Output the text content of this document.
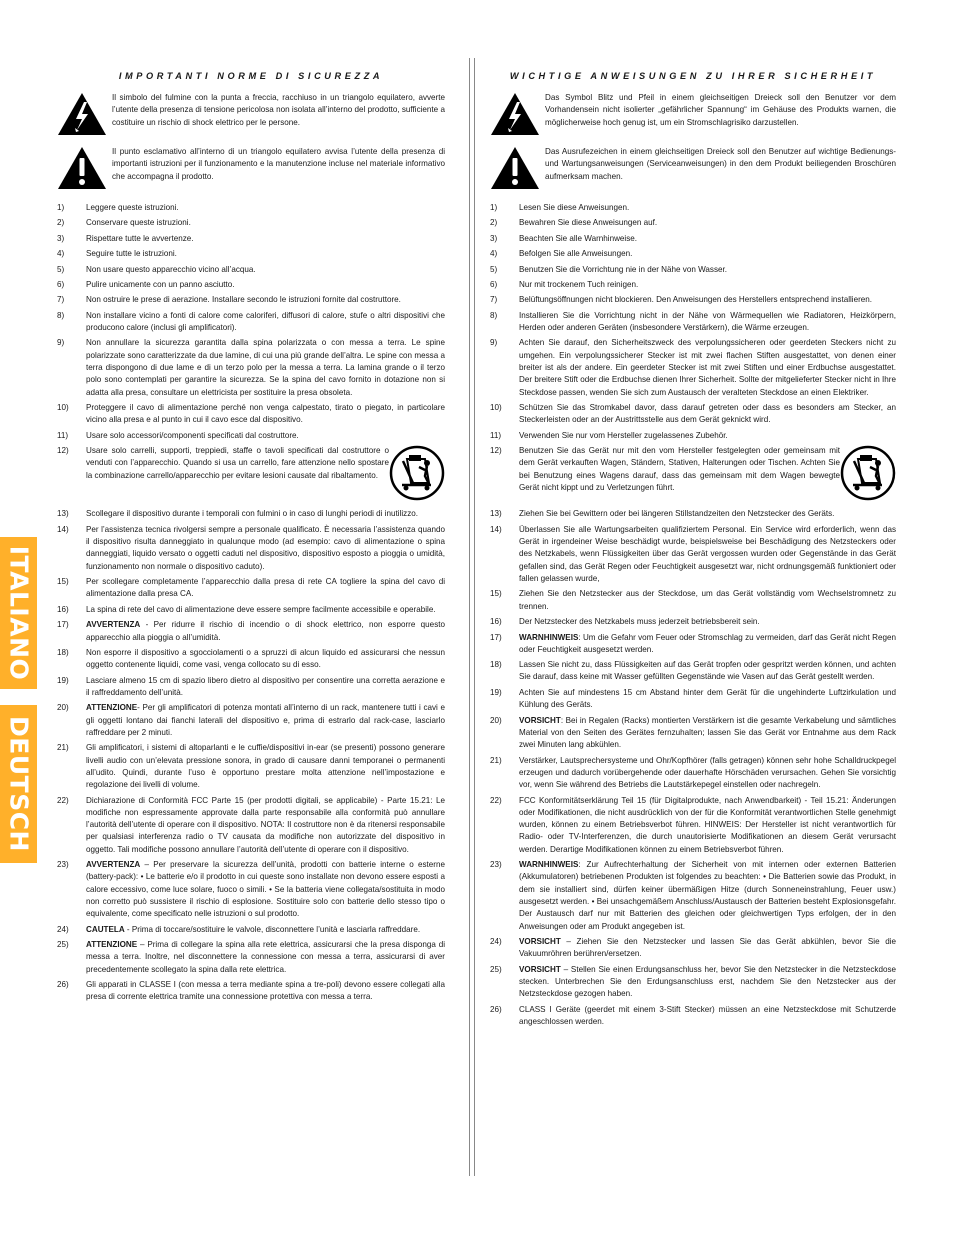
ITALIANO
DEUTSCH
IMPORTANTI NORME DI SICUREZZA
Il simbolo del fulmine con la punta a freccia, racchiuso in un triangolo equilatero, avverte l’utente della presenza di tensione pericolosa non isolata all’interno del prodotto, sufficiente a costituire un rischio di shock elettrico per le persone.
Il punto esclamativo all’interno di un triangolo equilatero avvisa l’utente della presenza di importanti istruzioni per il funzionamento e la manutenzione incluse nel materiale informativo che accompagna il prodotto.
1)	Leggere queste istruzioni.
2)	Conservare queste istruzioni.
3)	Rispettare tutte le avvertenze.
4)	Seguire tutte le istruzioni.
5)	Non usare questo apparecchio vicino all’acqua.
6)	Pulire unicamente con un panno asciutto.
7)	Non ostruire le prese di aerazione. Installare secondo le istruzioni fornite dal costruttore.
8)	Non installare vicino a fonti di calore come caloriferi, diffusori di calore, stufe o altri dispositivi che producono calore (inclusi gli amplificatori).
9)	Non annullare la sicurezza garantita dalla spina polarizzata o con messa a terra. Le spine polarizzate sono caratterizzate da due lamine, di cui una più grande dell’altra. Le spine con messa a terra dispongono di due lame e di un terzo polo per la messa a terra. La lamina grande o il terzo polo sono contemplati per garantire la sicurezza. Se la spina del cavo fornito in dotazione non si adatta alla presa, consultare un elettricista per sostituire la presa obsoleta.
10)	Proteggere il cavo di alimentazione perché non venga calpestato, tirato o piegato, in particolare vicino alla presa e al punto in cui il cavo esce dal dispositivo.
11)	Usare solo accessori/componenti specificati dal costruttore.
12)	Usare solo carrelli, supporti, treppiedi, staffe o tavoli specificati dal costruttore o venduti con l’apparecchio. Quando si usa un carrello, fare attenzione nello spostare la combinazione carrello/apparecchio per evitare lesioni causate dal ribaltamento.
13)	Scollegare il dispositivo durante i temporali con fulmini o in caso di lunghi periodi di inutilizzo.
14)	Per l’assistenza tecnica rivolgersi sempre a personale qualificato. È necessaria l’assistenza quando il dispositivo risulta danneggiato in qualunque modo (ad esempio: cavo di alimentazione o spina danneggiati, liquido versato o oggetti caduti nel dispositivo, dispositivo esposto a pioggia o umidità, funzionamento non normale o dispositivo caduto).
15)	Per scollegare completamente l’apparecchio dalla presa di rete CA togliere la spina del cavo di alimentazione dalla presa CA.
16)	La spina di rete del cavo di alimentazione deve essere sempre facilmente accessibile e operabile.
17)	AVVERTENZA - Per ridurre il rischio di incendio o di shock elettrico, non esporre questo apparecchio alla pioggia o all’umidità.
18)	Non esporre il dispositivo a sgocciolamenti o a spruzzi di alcun liquido ed assicurarsi che nessun oggetto contenente liquidi, come vasi, venga collocato su di esso.
19)	Lasciare almeno 15 cm di spazio libero dietro al dispositivo per consentire una corretta aerazione e il raffreddamento dell’unità.
20)	ATTENZIONE- Per gli amplificatori di potenza montati all’interno di un rack, mantenere tutti i cavi e gli oggetti lontano dai fianchi laterali del dispositivo e, prima di estrarlo dal rack-case, lasciarlo raffreddare per 2 minuti.
21)	Gli amplificatori, i sistemi di altoparlanti e le cuffie/dispositivi in-ear (se presenti) possono generare livelli audio con un’elevata pressione sonora, in grado di causare danni temporanei o permanenti all’udito. Quindi, durante l’uso è opportuno prestare molta attenzione nell’impostazione e regolazione dei livelli di volume.
22)	Dichiarazione di Conformità FCC Parte 15 (per prodotti digitali, se applicabile) - Parte 15.21: Le modifiche non espressamente approvate dalla parte responsabile alla conformità può annullare l’autorità dell’utente di operare con il dispositivo. NOTA: Il costruttore non è da ritenersi responsabile per qualsiasi interferenza radio o TV causata da modifiche non autorizzate del dispositivo in oggetto. Tali modifiche possono annullare l’autorità dell’utente di operare con il dispositivo.
23)	AVVERTENZA – Per preservare la sicurezza dell’unità, prodotti con batterie interne o esterne (battery-pack): • Le batterie e/o il prodotto in cui queste sono installate non devono essere esposti a calore eccessivo, come luce solare, fuoco o simili. • Se la batteria viene collegata/sostituita in modo non corretto può sussistere il rischio di esplosione. Sostituire solo con batterie dello stesso tipo o equivalente, come specificato nelle istruzioni o sul prodotto.
24)	CAUTELA - Prima di toccare/sostituire le valvole, disconnettere l’unità e lasciarla raffreddare.
25)	ATTENZIONE – Prima di collegare la spina alla rete elettrica, assicurarsi che la presa disponga di messa a terra. Inoltre, nel disconnettere la connessione con messa a terra, assicurarsi di aver precedentemente scollegato la spina dalla rete elettrica.
26)	Gli apparati in CLASSE I (con messa a terra mediante spina a tre-poli) devono essere collegati alla presa di corrente elettrica tramite una connessione protettiva con messa a terra.
WICHTIGE ANWEISUNGEN ZU IHRER SICHERHEIT
Das Symbol Blitz und Pfeil in einem gleichseitigen Dreieck soll den Benutzer vor dem Vorhandensein nicht isolierter „gefährlicher Spannung“ im Gehäuse des Produkts warnen, die möglicherweise hoch genug ist, um ein Stromschlagrisiko darzustellen.
Das Ausrufezeichen in einem gleichseitigen Dreieck soll den Benutzer auf wichtige Bedienungs- und Wartungsanweisungen (Serviceanweisungen) in den dem Produkt beiliegenden Broschüren aufmerksam machen.
1)	Lesen Sie diese Anweisungen.
2)	Bewahren Sie diese Anweisungen auf.
3)	Beachten Sie alle Warnhinweise.
4)	Befolgen Sie alle Anweisungen.
5)	Benutzen Sie die Vorrichtung nie in der Nähe von Wasser.
6)	Nur mit trockenem Tuch reinigen.
7)	Belüftungsöffnungen nicht blockieren. Den Anweisungen des Herstellers entsprechend installieren.
8)	Installieren Sie die Vorrichtung nicht in der Nähe von Wärmequellen wie Radiatoren, Heizkörpern, Herden oder anderen Geräten (insbesondere Verstärkern), die Wärme erzeugen.
9)	Achten Sie darauf, den Sicherheitszweck des verpolungssicheren oder geerdeten Steckers nicht zu umgehen. Ein verpolungssicherer Stecker ist mit zwei flachen Stiften ausgestattet, von denen einer breiter ist als der andere. Ein geerdeter Stecker ist mit zwei Stiften und einer Erdbuchse ausgestattet. Der breitere Stift oder die Erdbuchse dienen Ihrer Sicherheit. Sollte der mitgelieferter Stecker nicht in Ihre Steckdose passen, wenden Sie sich zum Austausch der veralteten Steckdose an einen Elektriker.
10)	Schützen Sie das Stromkabel davor, dass darauf getreten oder dass es besonders am Stecker, an Steckerleisten oder an der Austrittsstelle aus dem Gerät geknickt wird.
11)	Verwenden Sie nur vom Hersteller zugelassenes Zubehör.
12)	Benutzen Sie das Gerät nur mit den vom Hersteller festgelegten oder gemeinsam mit dem Gerät verkauften Wagen, Ständern, Stativen, Halterungen oder Tischen. Achten Sie bei Benutzung eines Wagens darauf, dass das gemeinsam mit dem Wagen bewegte Gerät nicht kippt und zu Verletzungen führt.
13)	Ziehen Sie bei Gewittern oder bei längeren Stillstandzeiten den Netzstecker des Geräts.
14)	Überlassen Sie alle Wartungsarbeiten qualifiziertem Personal. Ein Service wird erforderlich, wenn das Gerät in irgendeiner Weise beschädigt wurde, beispielsweise bei Beschädigung des Netzsteckers oder des Netzkabels, wenn Flüssigkeiten über das Gerät vergossen wurden oder Gegenstände in das Gerät gefallen sind, das Gerät Regen oder Feuchtigkeit ausgesetzt war, nicht ordnungsgemäß funktioniert oder fallen gelassen wurde,
15)	Ziehen Sie den Netzstecker aus der Steckdose, um das Gerät vollständig vom Wechselstromnetz zu trennen.
16)	Der Netzstecker des Netzkabels muss jederzeit betriebsbereit sein.
17)	WARNHINWEIS: Um die Gefahr vom Feuer oder Stromschlag zu vermeiden, darf das Gerät nicht Regen oder Feuchtigkeit ausgesetzt werden.
18)	Lassen Sie nicht zu, dass Flüssigkeiten auf das Gerät tropfen oder gespritzt werden können, und achten Sie darauf, dass keine mit Wasser gefüllten Gegenstände wie Vasen auf das Gerät gestellt werden.
19)	Achten Sie auf mindestens 15 cm Abstand hinter dem Gerät für die ungehinderte Luftzirkulation und Kühlung des Geräts.
20)	VORSICHT: Bei in Regalen (Racks) montierten Verstärkern ist die gesamte Verkabelung und sämtliches Material von den Seiten des Gerätes fernzuhalten; lassen Sie das Gerät vor Entnahme aus dem Rack zwei Minuten lang abkühlen.
21)	Verstärker, Lautsprechersysteme und Ohr/Kopfhörer (falls getragen) können sehr hohe Schalldruckpegel erzeugen und dadurch vorübergehende oder dauerhafte Hörschäden verursachen. Gehen Sie vorsichtig vor, wenn Sie während des Betriebs die Lautstärkepegel einstellen oder nachregeln.
22)	FCC Konformitätserklärung Teil 15 (für Digitalprodukte, nach Anwendbarkeit) - Teil 15.21: Änderungen oder Modifikationen, die nicht ausdrücklich von der für die Konformität verantwortlichen Stelle genehmigt wurden, können zu einem Betriebsverbot führen. HINWEIS: Der Hersteller ist nicht verantwortlich für Radio- oder TV-Interferenzen, die durch unautorisierte Modifikationen an diesem Gerät verursacht werden. Derartige Modifikationen können zu einem Betriebsverbot führen.
23)	WARNHINWEIS: Zur Aufrechterhaltung der Sicherheit von mit internen oder externen Batterien (Akkumulatoren) betriebenen Produkten ist folgendes zu beachten: • Die Batterien sowie das Produkt, in dem sie installiert sind, dürfen keiner übermäßigen Hitze (durch Sonneneinstrahlung, Feuer usw.) ausgesetzt werden. • Bei unsachgemäßem Anschluss/Austausch der Batterien besteht Explosionsgefahr. Der Austausch darf nur mit Batterien des gleichen oder gleichwertigen Typs erfolgen, der in den Anweisungen oder am Produkt angegeben ist.
24)	VORSICHT – Ziehen Sie den Netzstecker und lassen Sie das Gerät abkühlen, bevor Sie die Vakuumröhren berühren/ersetzen.
25)	VORSICHT – Stellen Sie einen Erdungsanschluss her, bevor Sie den Netzstecker in die Netzsteckdose stecken. Unterbrechen Sie den Erdungsanschluss erst, nachdem Sie den Netzstecker aus der Netzsteckdose gezogen haben.
26)	CLASS I Geräte (geerdet mit einem 3-Stift Stecker) müssen an eine Netzsteckdose mit Schutzerde angeschlossen werden.
